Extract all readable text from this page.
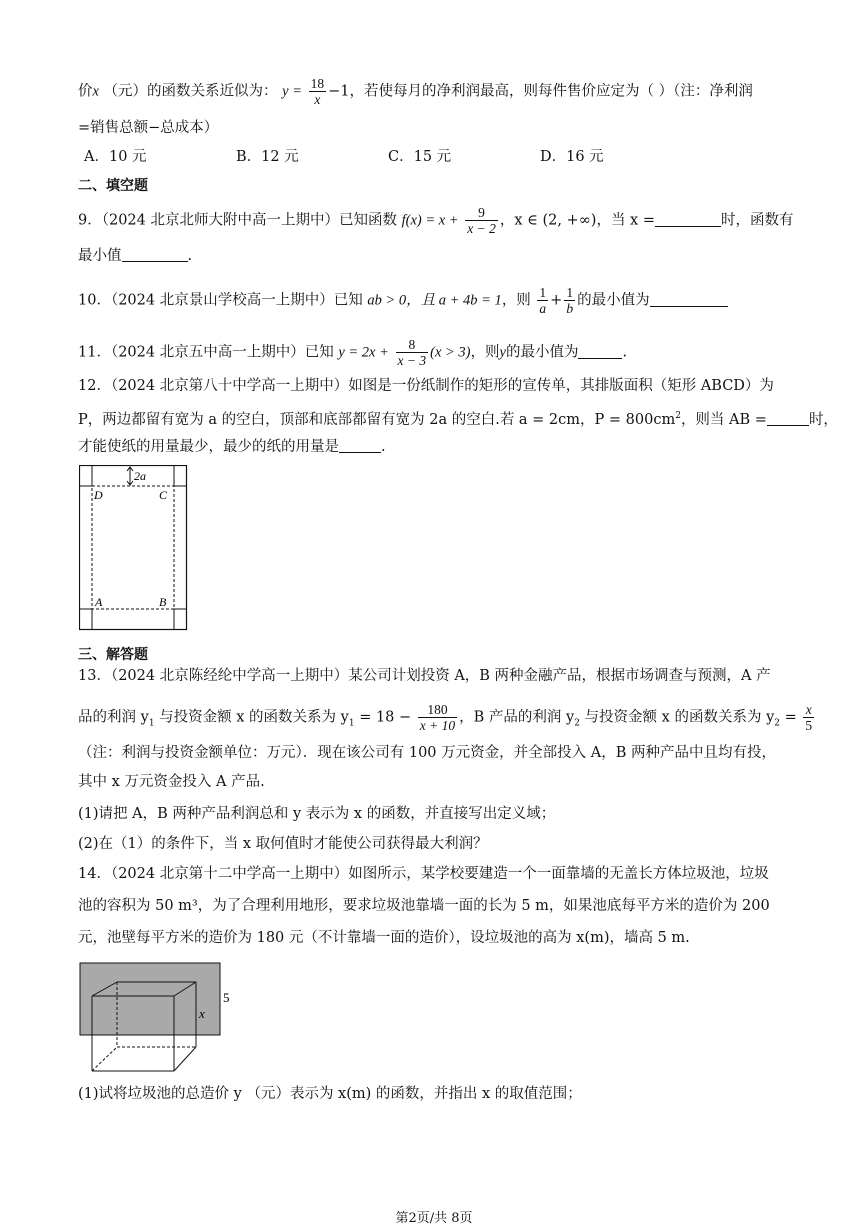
价x （元）的函数关系近似为： $y = \frac{18}{x} -1$，若使每月的净利润最高，则每件售价应定为（ ）（注：净利润
=销售总额−总成本）
A．10 元	B．12 元	C．15 元	D．16 元
二、填空题
9．（2024 北京北师大附中高一上期中）已知函数 $f(x) = x + \frac{9}{x - 2}$ ，x ∈ (2, +∞)，当 x =	时，函数有
最小值	.
10．（2024 北京景山学校高一上期中）已知 ab > 0，且 a + 4b = 1，则 $\frac{1}{a} + \frac{1}{b}$ 的最小值为
11．（2024 北京五中高一上期中）已知 $y = 2x + \frac{8}{x - 3} (x > 3)$，则y的最小值为	.
12．（2024 北京第八十中学高一上期中）如图是一份纸制作的矩形的宣传单，其排版面积（矩形 ABCD）为
P，两边都留有宽为 a 的空白，顶部和底部都留有宽为 2a 的空白.若 a = 2cm，$P = 800cm^2$，则当 AB =	时，
才能使纸的用量最少，最少的纸的用量是	.
2a
D	C
A	B
三、解答题
13．（2024 北京陈经纶中学高一上期中）某公司计划投资 A，B 两种金融产品，根据市场调查与预测，A 产
品的利润 $y_1$ 与投资金额 x 的函数关系为 $y_1 = 18 - \frac{180}{x + 10}$ ，B 产品的利润 $y_2$ 与投资金额 x 的函数关系为 $y_2 = \frac{x}{5}$
（注：利润与投资金额单位：万元）．现在该公司有 100 万元资金，并全部投入 A，B 两种产品中且均有投，
其中 x 万元资金投入 A 产品.
(1)请把 A，B 两种产品利润总和 y 表示为 x 的函数，并直接写出定义域；
(2)在（1）的条件下，当 x 取何值时才能使公司获得最大利润？
14．（2024 北京第十二中学高一上期中）如图所示，某学校要建造一个一面靠墙的无盖长方体垃圾池，垃圾
池的容积为 50 m³，为了合理利用地形，要求垃圾池靠墙一面的长为 5 m，如果池底每平方米的造价为 200
元，池壁每平方米的造价为 180 元（不计靠墙一面的造价），设垃圾池的高为 x(m)，墙高 5 m.
x
5
(1)试将垃圾池的总造价 y （元）表示为 x(m) 的函数，并指出 x 的取值范围；
第2页/共 8页
